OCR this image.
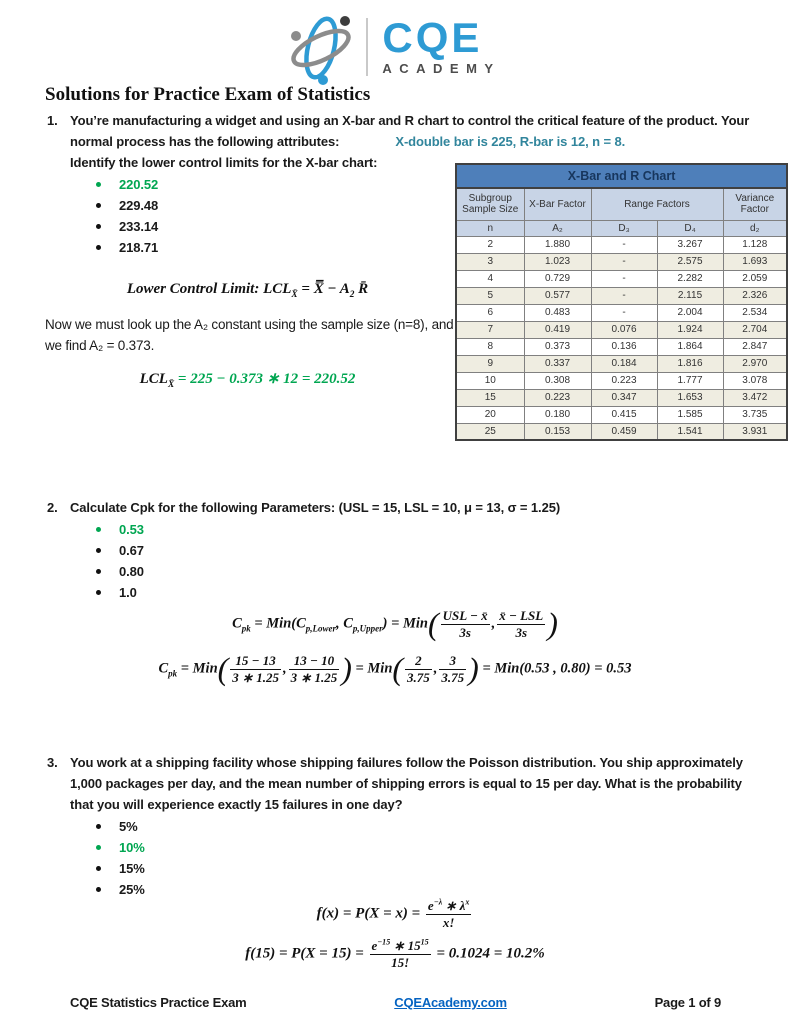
CQE
ACADEMY
Solutions for Practice Exam of Statistics
1. You’re manufacturing a widget and using an X-bar and R chart to control the critical feature of the product. Your
normal process has the following attributes:	X-double bar is 225, R-bar is 12, n = 8.
Identify the lower control limits for the X-bar chart:
220.52
229.48
233.14
218.71
X-Bar and R Chart				
Subgroup Sample Size	X-Bar Factor	Range Factors		Variance Factor
n	A₂	D₃	D₄	d₂
2	1.880	-	3.267	1.128
3	1.023	-	2.575	1.693
4	0.729	-	2.282	2.059
5	0.577	-	2.115	2.326
6	0.483	-	2.004	2.534
7	0.419	0.076	1.924	2.704
8	0.373	0.136	1.864	2.847
9	0.337	0.184	1.816	2.970
10	0.308	0.223	1.777	3.078
15	0.223	0.347	1.653	3.472
20	0.180	0.415	1.585	3.735
25	0.153	0.459	1.541	3.931
Lower Control Limit: $LCL_{X̄}$ = X̿ − $A_2$ R̄
Now we must look up the A₂ constant using the sample size (n=8), and we find A₂ = 0.373.
$LCL_{X̄} = 225 - 0.373$ ∗ 12 = 220.52
2. Calculate Cpk for the following Parameters: (USL = 15, LSL = 10, μ = 13, σ = 1.25)
0.53
0.67
0.80
1.0
$C_{pk} = Min(C_{p,Lower}$, $C_{p,Upper}) = Min( \frac{\text{USL − x̄}}{3s}$ , $\frac{\text{x̄ − LSL}}{3s}$ )
$C_{pk} = Min( \frac{15 - 13}{3 ∗ 1.25}$ , $\frac{13 - 10}{3 ∗ 1.25}$ ) = $Min( \frac{2}{3.75}$ , $\frac{3}{3.75}$ ) = Min(0.53 , 0.80) = 0.53
3. You work at a shipping facility whose shipping failures follow the Poisson distribution. You ship approximately 1,000 packages per day, and the mean number of shipping errors is equal to 15 per day. What is the probability that you will experience exactly 15 failures in one day?
5%
10%
15%
25%
$f(x) = P(X = x) = \frac{e^{-\lambda} ∗ \lambda^x}{x!}$
$f(15) = P(X = 15) = \frac{e^{-15} ∗ 15^{15}}{15!} = 0.1024 = 10.2\%$
CQE Statistics Practice Exam	CQEAcademy.com	Page 1 of 9
